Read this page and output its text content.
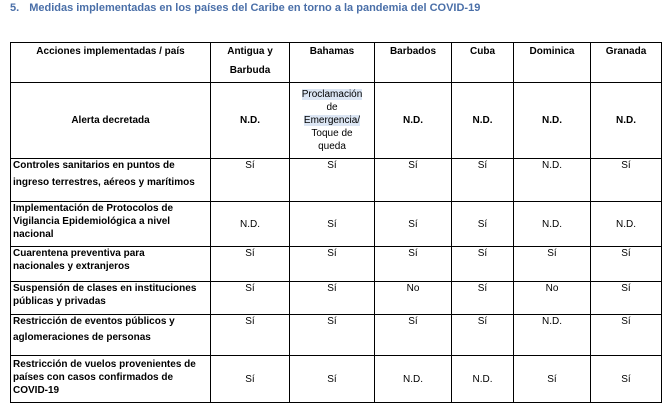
5. Medidas implementadas en los países del Caribe en torno a la pandemia del COVID-19
Acciones implementadas / país	Antigua y

Barbuda	Bahamas	Barbados	Cuba	Dominica	Granada
Alerta decretada	N.D.	Proclamación
de
Emergencia/
Toque de
queda	N.D.	N.D.	N.D.	N.D.
Controles sanitarios en puntos de

ingreso terrestres, aéreos y marítimos	Sí	Sí	Sí	Sí	N.D.	Sí
Implementación de Protocolos de
Vigilancia Epidemiológica a nivel
nacional	N.D.	Sí	Sí	Sí	N.D.	N.D.
Cuarentena preventiva para
nacionales y extranjeros	Sí	Sí	Sí	Sí	Sí	Sí
Suspensión de clases en instituciones
públicas y privadas	Sí	Sí	No	Sí	No	Sí
Restricción de eventos públicos y

aglomeraciones de personas	Sí	Sí	Sí	Sí	N.D.	Sí
Restricción de vuelos provenientes de
países con casos confirmados de
COVID-19	Sí	Sí	N.D.	N.D.	Sí	Sí
